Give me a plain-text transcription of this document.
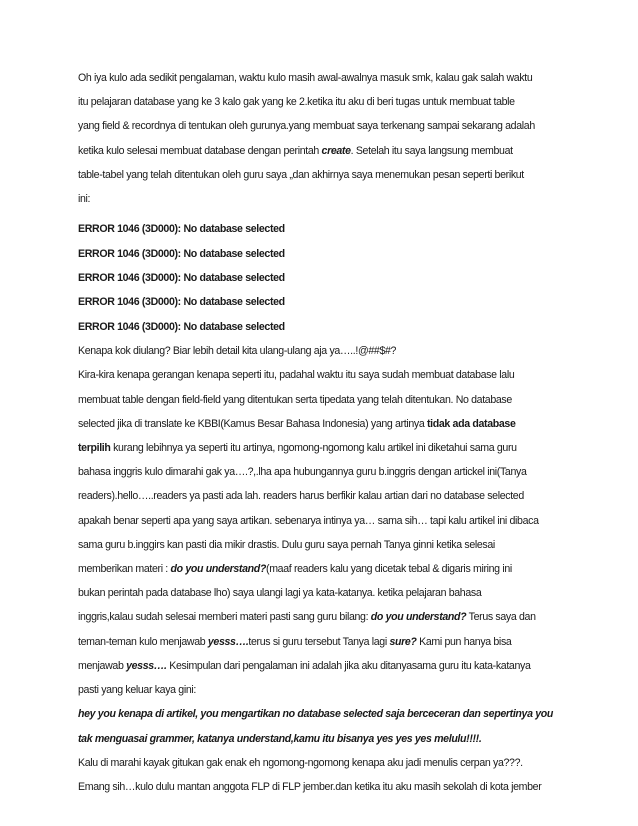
Oh iya kulo ada sedikit pengalaman, waktu kulo masih awal-awalnya masuk smk, kalau gak salah waktu

itu pelajaran database yang ke 3 kalo gak yang ke 2.ketika itu aku di beri tugas untuk membuat table

yang field & recordnya di tentukan oleh gurunya.yang membuat saya terkenang sampai sekarang adalah

ketika kulo selesai membuat database dengan perintah create. Setelah itu saya langsung membuat

table-tabel yang telah ditentukan oleh guru saya „dan akhirnya saya menemukan pesan seperti berikut

ini:

ERROR 1046 (3D000): No database selected

ERROR 1046 (3D000): No database selected

ERROR 1046 (3D000): No database selected

ERROR 1046 (3D000): No database selected

ERROR 1046 (3D000): No database selected

Kenapa kok diulang? Biar lebih detail kita ulang-ulang aja ya…..!@##$#?

Kira-kira kenapa gerangan kenapa seperti itu, padahal waktu itu saya sudah membuat database lalu

membuat table dengan field-field yang ditentukan serta tipedata yang telah ditentukan. No database

selected jika di translate ke KBBI(Kamus Besar Bahasa Indonesia) yang artinya tidak ada database

terpilih kurang lebihnya ya seperti itu artinya, ngomong-ngomong kalu artikel ini diketahui sama guru

bahasa inggris kulo dimarahi gak ya….?,.lha apa hubungannya guru b.inggris dengan artickel ini(Tanya

readers).hello…..readers ya pasti ada lah. readers harus berfikir kalau artian dari no database selected

apakah benar seperti apa yang saya artikan. sebenarya intinya ya… sama sih… tapi kalu artikel ini dibaca

sama guru b.inggirs kan pasti dia mikir drastis. Dulu guru saya pernah Tanya ginni ketika selesai

memberikan materi : do you understand?(maaf readers kalu yang dicetak tebal & digaris miring ini

bukan perintah pada database lho) saya ulangi lagi ya kata-katanya. ketika pelajaran bahasa

inggris,kalau sudah selesai memberi materi pasti sang guru bilang: do you understand? Terus saya dan

teman-teman kulo menjawab yesss….terus si guru tersebut Tanya lagi sure? Kami pun hanya bisa

menjawab yesss…. Kesimpulan dari pengalaman ini adalah jika aku ditanyasama guru itu kata-katanya

pasti yang keluar kaya gini:

hey you kenapa di artikel, you mengartikan no database selected saja berceceran dan sepertinya you

tak menguasai grammer, katanya understand,kamu itu bisanya yes yes yes melulu!!!!.

Kalu di marahi kayak gitukan gak enak eh ngomong-ngomong kenapa aku jadi menulis cerpan ya???.

Emang sih…kulo dulu mantan anggota FLP di FLP jember.dan ketika itu aku masih sekolah di kota jember
